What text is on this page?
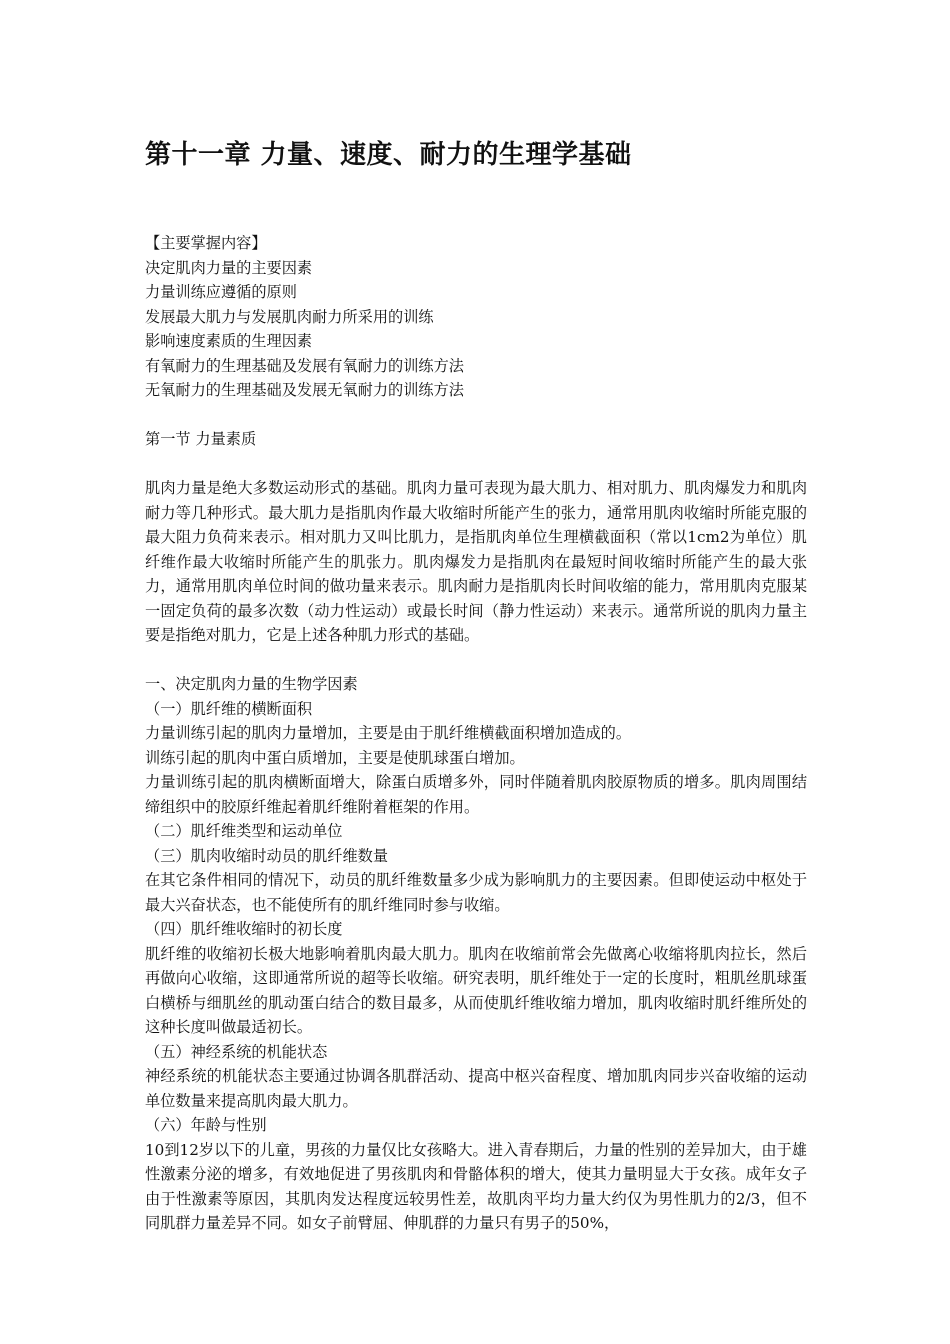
第十一章 力量、速度、耐力的生理学基础
【主要掌握内容】
决定肌肉力量的主要因素
力量训练应遵循的原则
发展最大肌力与发展肌肉耐力所采用的训练
影响速度素质的生理因素
有氧耐力的生理基础及发展有氧耐力的训练方法
无氧耐力的生理基础及发展无氧耐力的训练方法
第一节 力量素质

肌肉力量是绝大多数运动形式的基础。肌肉力量可表现为最大肌力、相对肌力、肌肉爆发力和肌肉耐力等几种形式。最大肌力是指肌肉作最大收缩时所能产生的张力，通常用肌肉收缩时所能克服的最大阻力负荷来表示。相对肌力又叫比肌力，是指肌肉单位生理横截面积（常以1cm2为单位）肌纤维作最大收缩时所能产生的肌张力。肌肉爆发力是指肌肉在最短时间收缩时所能产生的最大张力，通常用肌肉单位时间的做功量来表示。肌肉耐力是指肌肉长时间收缩的能力，常用肌肉克服某一固定负荷的最多次数（动力性运动）或最长时间（静力性运动）来表示。通常所说的肌肉力量主要是指绝对肌力，它是上述各种肌力形式的基础。

一、决定肌肉力量的生物学因素
（一）肌纤维的横断面积

力量训练引起的肌肉力量增加，主要是由于肌纤维横截面积增加造成的。

训练引起的肌肉中蛋白质增加，主要是使肌球蛋白增加。

力量训练引起的肌肉横断面增大，除蛋白质增多外，同时伴随着肌肉胶原物质的增多。肌肉周围结缔组织中的胶原纤维起着肌纤维附着框架的作用。

（二）肌纤维类型和运动单位
（三）肌肉收缩时动员的肌纤维数量

在其它条件相同的情况下，动员的肌纤维数量多少成为影响肌力的主要因素。但即使运动中枢处于最大兴奋状态，也不能使所有的肌纤维同时参与收缩。

（四）肌纤维收缩时的初长度

肌纤维的收缩初长极大地影响着肌肉最大肌力。肌肉在收缩前常会先做离心收缩将肌肉拉长，然后再做向心收缩，这即通常所说的超等长收缩。研究表明，肌纤维处于一定的长度时，粗肌丝肌球蛋白横桥与细肌丝的肌动蛋白结合的数目最多，从而使肌纤维收缩力增加，肌肉收缩时肌纤维所处的这种长度叫做最适初长。

（五）神经系统的机能状态

神经系统的机能状态主要通过协调各肌群活动、提高中枢兴奋程度、增加肌肉同步兴奋收缩的运动单位数量来提高肌肉最大肌力。

（六）年龄与性别

10到12岁以下的儿童，男孩的力量仅比女孩略大。进入青春期后，力量的性别的差异加大，由于雄性激素分泌的增多，有效地促进了男孩肌肉和骨骼体积的增大，使其力量明显大于女孩。成年女子由于性激素等原因，其肌肉发达程度远较男性差，故肌肉平均力量大约仅为男性肌力的2/3，但不同肌群力量差异不同。如女子前臂屈、伸肌群的力量只有男子的50%，
